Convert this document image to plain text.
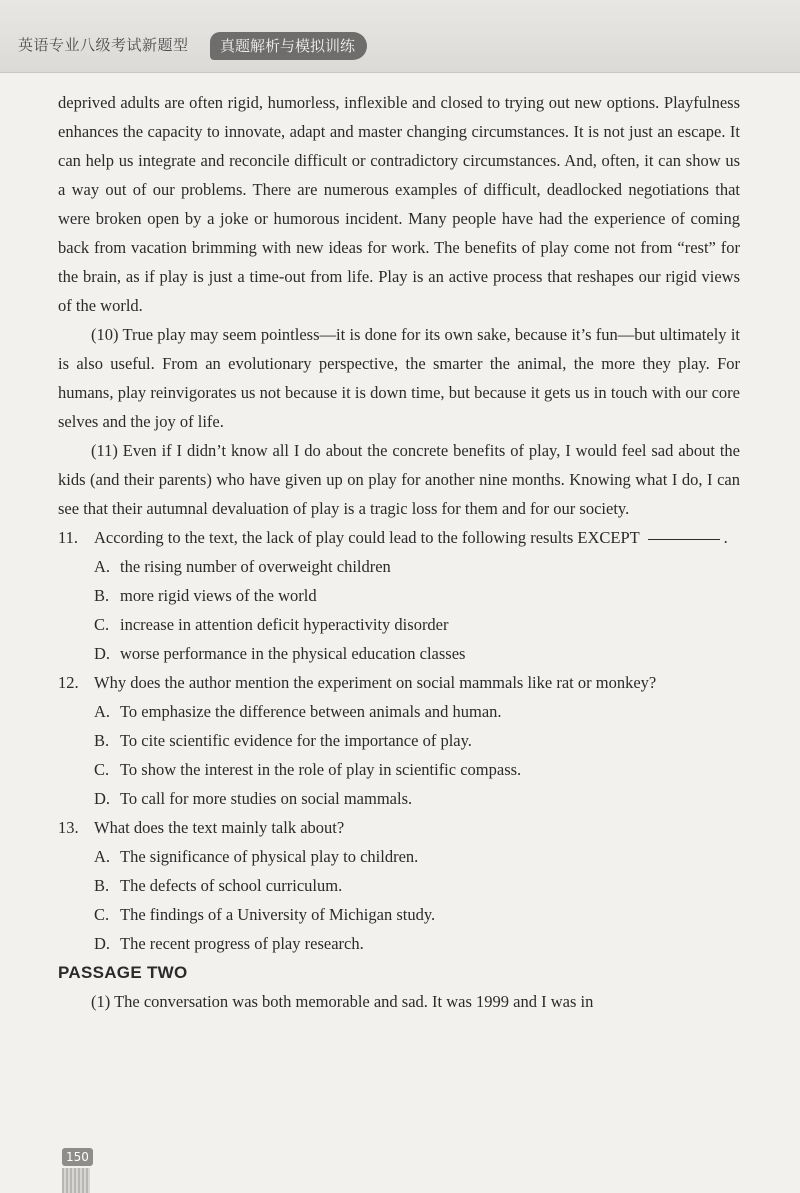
英语专业八级考试新题型	真题解析与模拟训练

deprived adults are often rigid, humorless, inflexible and closed to trying out new options. Playfulness enhances the capacity to innovate, adapt and master changing circumstances. It is not just an escape. It can help us integrate and reconcile difficult or contradictory circumstances. And, often, it can show us a way out of our problems. There are numerous examples of difficult, deadlocked negotiations that were broken open by a joke or humorous incident. Many people have had the experience of coming back from vacation brimming with new ideas for work. The benefits of play come not from “rest” for the brain, as if play is just a time-out from life. Play is an active process that reshapes our rigid views of the world.

(10) True play may seem pointless—it is done for its own sake, because it’s fun—but ultimately it is also useful. From an evolutionary perspective, the smarter the animal, the more they play. For humans, play reinvigorates us not because it is down time, but because it gets us in touch with our core selves and the joy of life.

(11) Even if I didn’t know all I do about the concrete benefits of play, I would feel sad about the kids (and their parents) who have given up on play for another nine months. Knowing what I do, I can see that their autumnal devaluation of play is a tragic loss for them and for our society.

11. According to the text, the lack of play could lead to the following results EXCEPT	.

A. the rising number of overweight children

B. more rigid views of the world

C. increase in attention deficit hyperactivity disorder

D. worse performance in the physical education classes

12. Why does the author mention the experiment on social mammals like rat or monkey?

A. To emphasize the difference between animals and human.

B. To cite scientific evidence for the importance of play.

C. To show the interest in the role of play in scientific compass.

D. To call for more studies on social mammals.

13. What does the text mainly talk about?

A. The significance of physical play to children.

B. The defects of school curriculum.

C. The findings of a University of Michigan study.

D. The recent progress of play research.

PASSAGE TWO

(1) The conversation was both memorable and sad. It was 1999 and I was in

150
